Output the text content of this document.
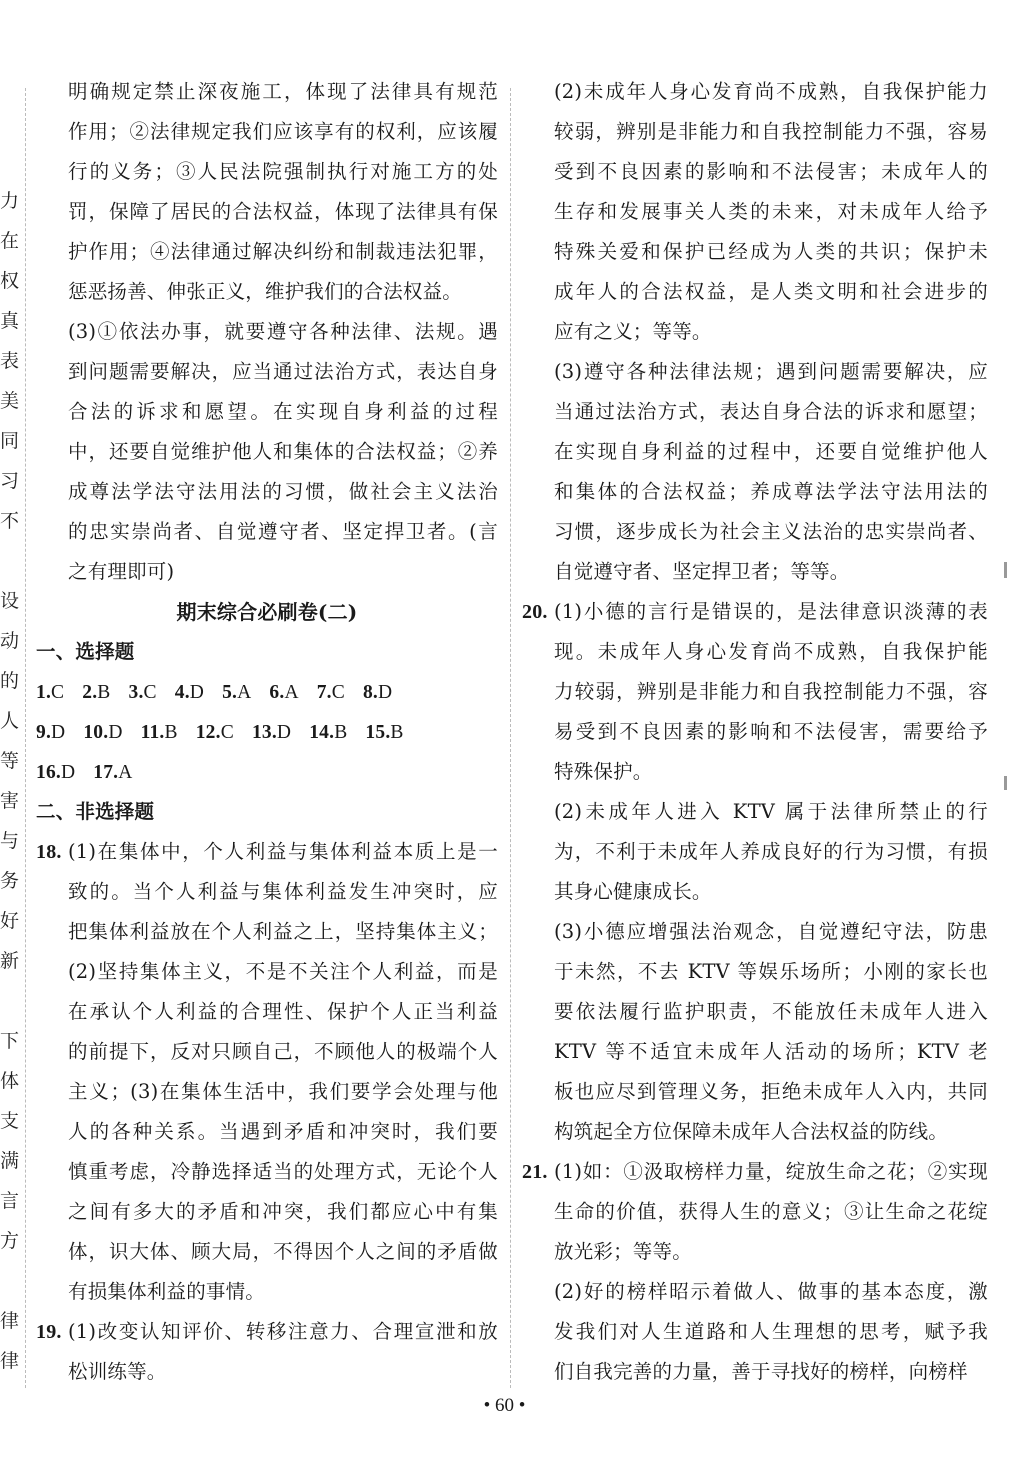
力
在
权
真
表
美
同
习
不
设
动
的
人
等
害
与
务
好
新
下
体
支
满
言
方
律
律
明确规定禁止深夜施工，体现了法律具有规范
作用；②法律规定我们应该享有的权利，应该履
行的义务；③人民法院强制执行对施工方的处
罚，保障了居民的合法权益，体现了法律具有保
护作用；④法律通过解决纠纷和制裁违法犯罪，
惩恶扬善、伸张正义，维护我们的合法权益。
(3)①依法办事，就要遵守各种法律、法规。遇
到问题需要解决，应当通过法治方式，表达自身
合法的诉求和愿望。在实现自身利益的过程
中，还要自觉维护他人和集体的合法权益；②养
成尊法学法守法用法的习惯，做社会主义法治
的忠实崇尚者、自觉遵守者、坚定捍卫者。(言
之有理即可)
期末综合必刷卷(二)
一、选择题
1.C 2.B 3.C 4.D 5.A 6.A 7.C 8.D
9.D 10.D 11.B 12.C 13.D 14.B 15.B
16.D 17.A
二、非选择题
18. (1)在集体中，个人利益与集体利益本质上是一
致的。当个人利益与集体利益发生冲突时，应
把集体利益放在个人利益之上，坚持集体主义；
(2)坚持集体主义，不是不关注个人利益，而是
在承认个人利益的合理性、保护个人正当利益
的前提下，反对只顾自己，不顾他人的极端个人
主义；(3)在集体生活中，我们要学会处理与他
人的各种关系。当遇到矛盾和冲突时，我们要
慎重考虑，冷静选择适当的处理方式，无论个人
之间有多大的矛盾和冲突，我们都应心中有集
体，识大体、顾大局，不得因个人之间的矛盾做
有损集体利益的事情。
19. (1)改变认知评价、转移注意力、合理宣泄和放
松训练等。
(2)未成年人身心发育尚不成熟，自我保护能力
较弱，辨别是非能力和自我控制能力不强，容易
受到不良因素的影响和不法侵害；未成年人的
生存和发展事关人类的未来，对未成年人给予
特殊关爱和保护已经成为人类的共识；保护未
成年人的合法权益，是人类文明和社会进步的
应有之义；等等。
(3)遵守各种法律法规；遇到问题需要解决，应
当通过法治方式，表达自身合法的诉求和愿望；
在实现自身利益的过程中，还要自觉维护他人
和集体的合法权益；养成尊法学法守法用法的
习惯，逐步成长为社会主义法治的忠实崇尚者、
自觉遵守者、坚定捍卫者；等等。
20. (1)小德的言行是错误的，是法律意识淡薄的表
现。未成年人身心发育尚不成熟，自我保护能
力较弱，辨别是非能力和自我控制能力不强，容
易受到不良因素的影响和不法侵害，需要给予
特殊保护。
(2)未成年人进入 KTV 属于法律所禁止的行
为，不利于未成年人养成良好的行为习惯，有损
其身心健康成长。
(3)小德应增强法治观念，自觉遵纪守法，防患
于未然，不去 KTV 等娱乐场所；小刚的家长也
要依法履行监护职责，不能放任未成年人进入
KTV 等不适宜未成年人活动的场所；KTV 老
板也应尽到管理义务，拒绝未成年人入内，共同
构筑起全方位保障未成年人合法权益的防线。
21. (1)如：①汲取榜样力量，绽放生命之花；②实现
生命的价值，获得人生的意义；③让生命之花绽
放光彩；等等。
(2)好的榜样昭示着做人、做事的基本态度，激
发我们对人生道路和人生理想的思考，赋予我
们自我完善的力量，善于寻找好的榜样，向榜样
• 60 •
